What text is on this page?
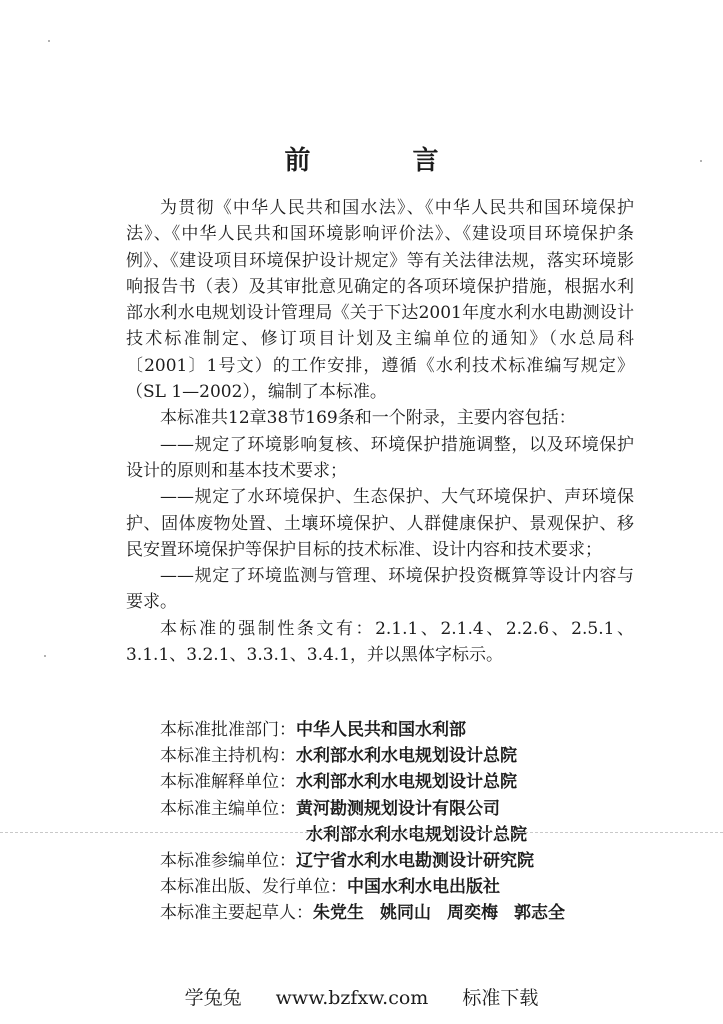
前　言

为贯彻《中华人民共和国水法》、《中华人民共和国环境保护法》、《中华人民共和国环境影响评价法》、《建设项目环境保护条例》、《建设项目环境保护设计规定》等有关法律法规，落实环境影响报告书（表）及其审批意见确定的各项环境保护措施，根据水利部水利水电规划设计管理局《关于下达2001年度水利水电勘测设计技术标准制定、修订项目计划及主编单位的通知》（水总局科〔2001〕1号文）的工作安排，遵循《水利技术标准编写规定》（SL 1—2002），编制了本标准。

本标准共12章38节169条和一个附录，主要内容包括：

——规定了环境影响复核、环境保护措施调整，以及环境保护设计的原则和基本技术要求；

——规定了水环境保护、生态保护、大气环境保护、声环境保护、固体废物处置、土壤环境保护、人群健康保护、景观保护、移民安置环境保护等保护目标的技术标准、设计内容和技术要求；

——规定了环境监测与管理、环境保护投资概算等设计内容与要求。

本标准的强制性条文有：2.1.1、2.1.4、2.2.6、2.5.1、3.1.1、3.2.1、3.3.1、3.4.1，并以黑体字标示。

本标准批准部门：中华人民共和国水利部
本标准主持机构：水利部水利水电规划设计总院
本标准解释单位：水利部水利水电规划设计总院
本标准主编单位：黄河勘测规划设计有限公司
水利部水利水电规划设计总院
本标准参编单位：辽宁省水利水电勘测设计研究院
本标准出版、发行单位：中国水利水电出版社
本标准主要起草人：朱党生 姚同山 周奕梅 郭志全
学兔兔 www.bzfxw.com 标准下载
